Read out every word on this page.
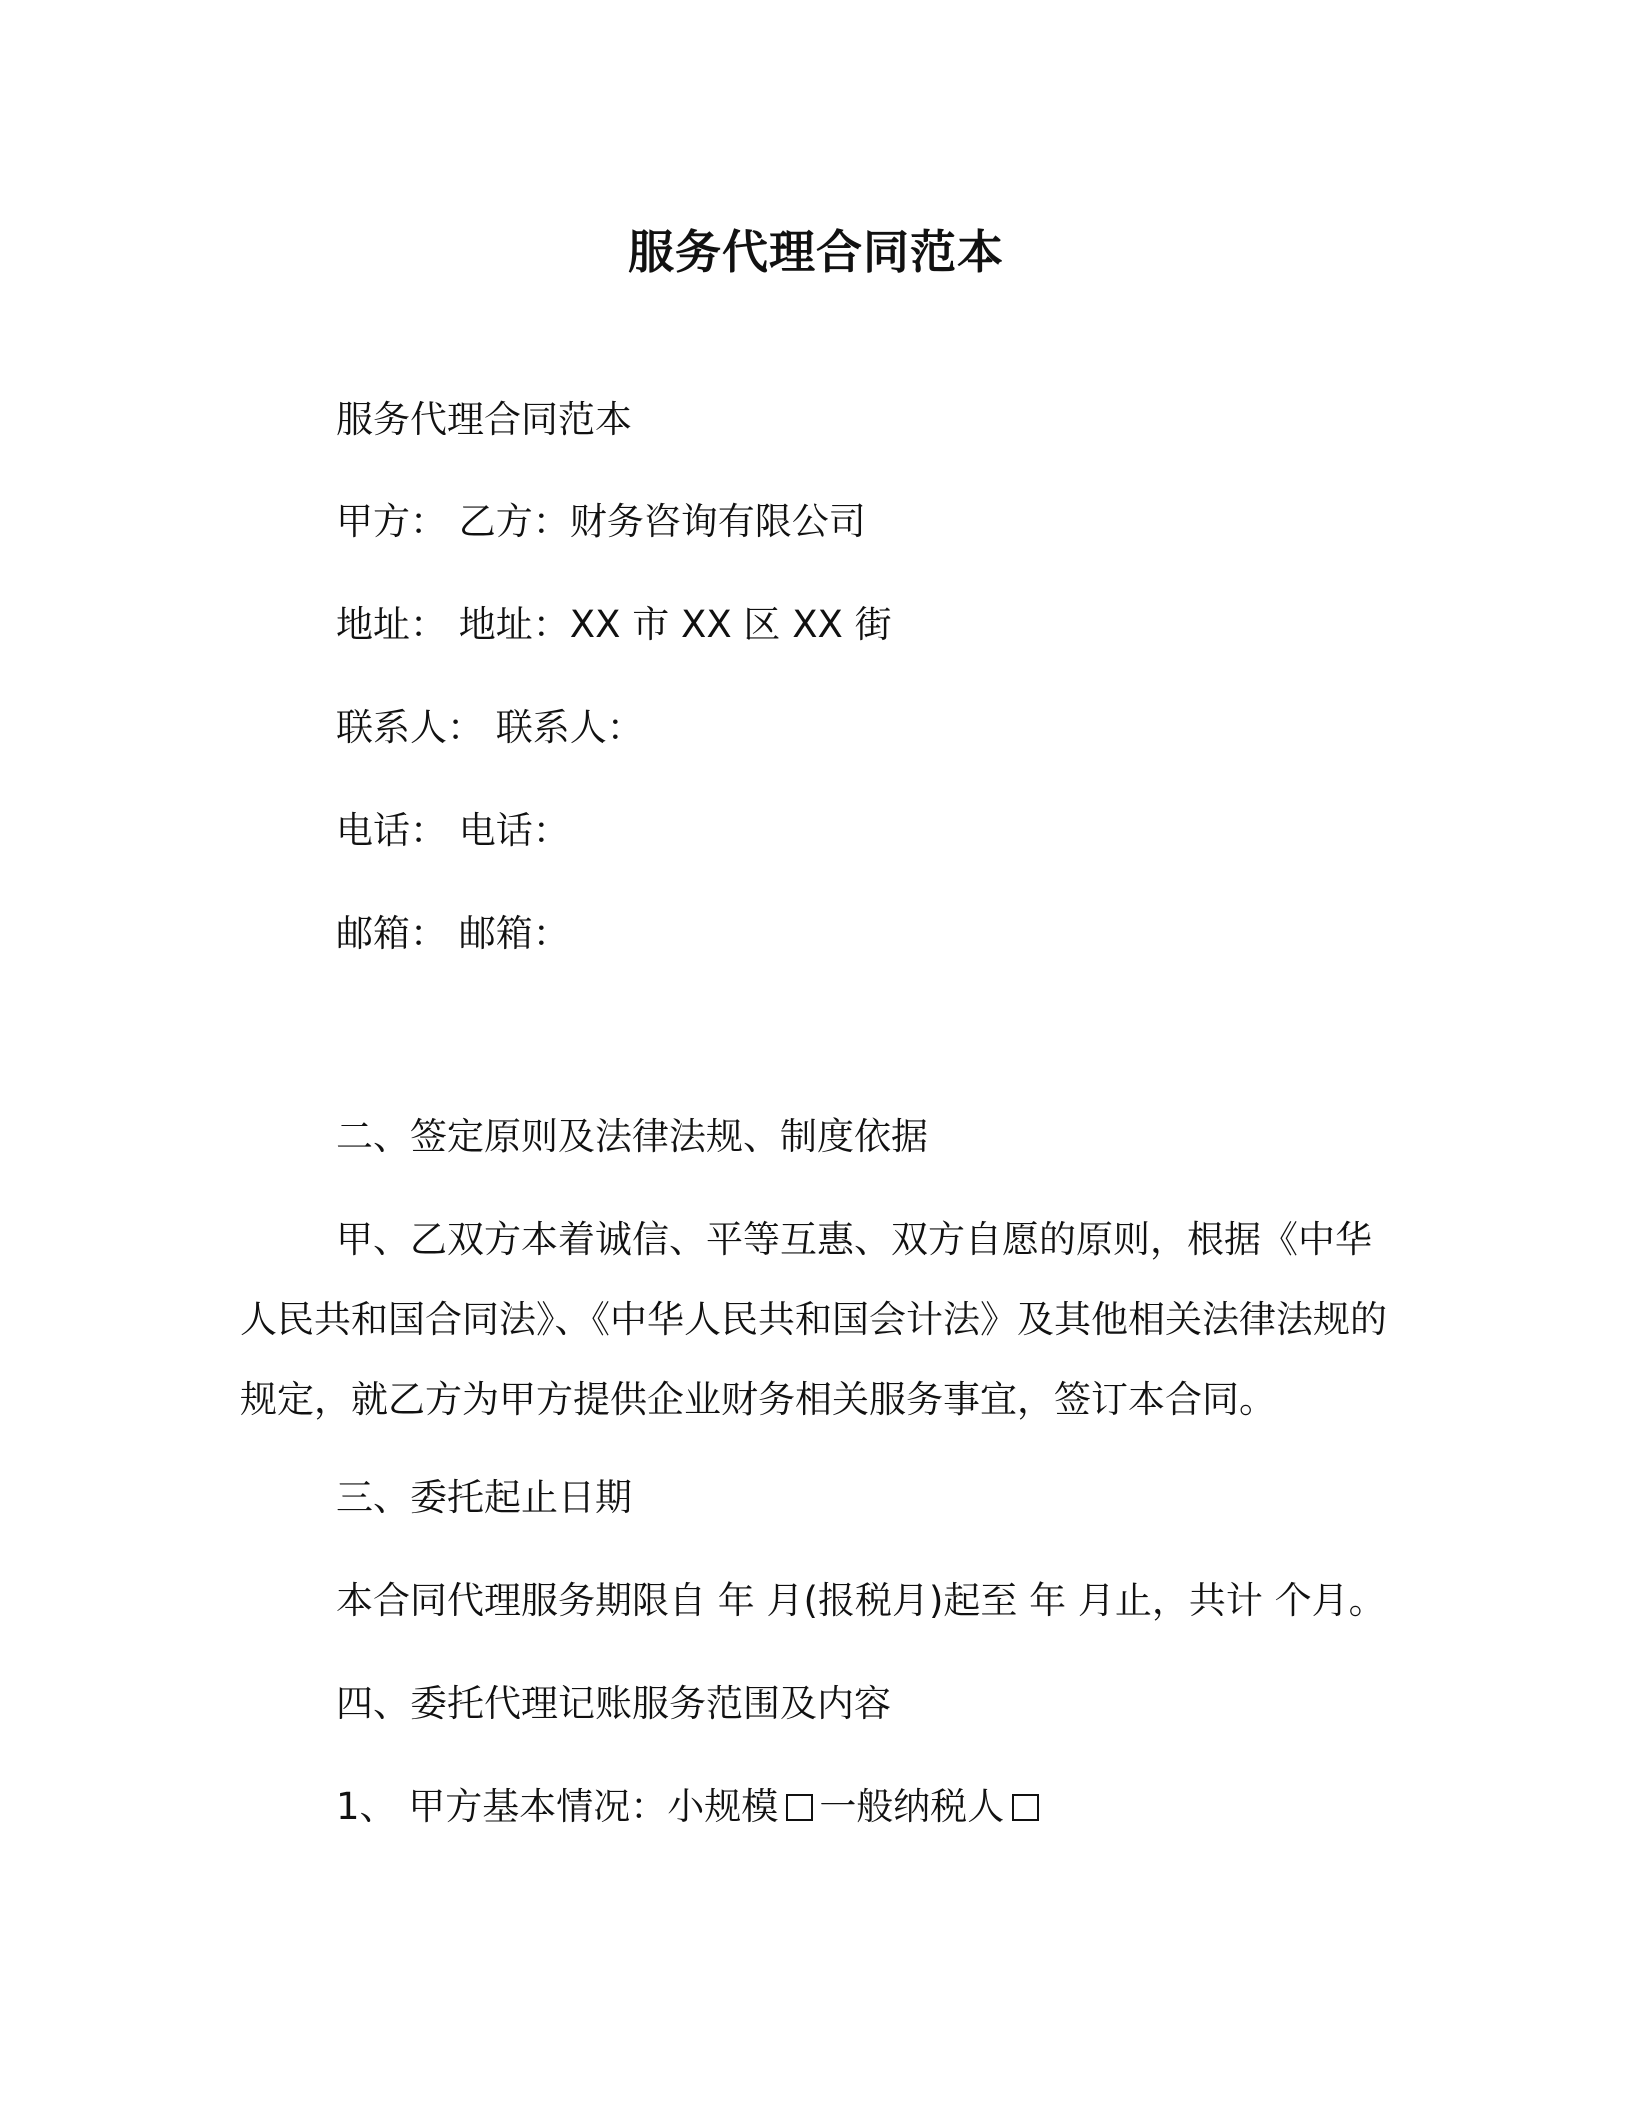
服务代理合同范本
服务代理合同范本
甲方： 乙方：财务咨询有限公司
地址： 地址：XX 市 XX 区 XX 街
联系人： 联系人：
电话： 电话：
邮箱： 邮箱：
二、签定原则及法律法规、制度依据

甲、乙双方本着诚信、平等互惠、双方自愿的原则，根据《中华人民共和国合同法》、《中华人民共和国会计法》及其他相关法律法规的规定，就乙方为甲方提供企业财务相关服务事宜，签订本合同。

三、委托起止日期
本合同代理服务期限自 年 月(报税月)起至 年 月止，共计 个月。
四、委托代理记账服务范围及内容
1、 甲方基本情况：小规模 一般纳税人
